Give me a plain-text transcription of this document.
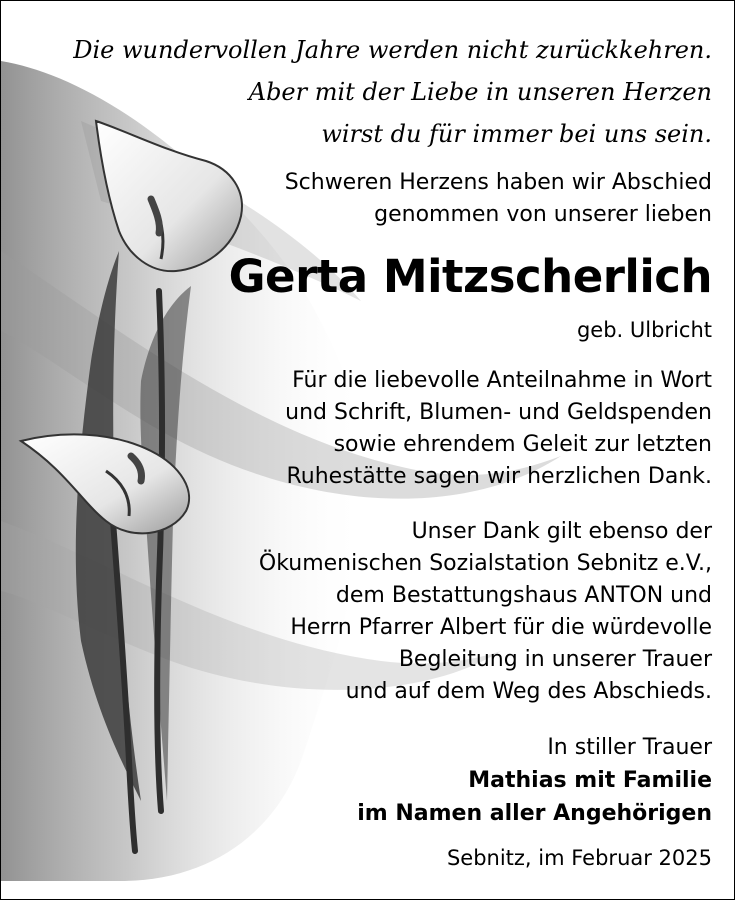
Die wundervollen Jahre werden nicht zurückkehren.
Aber mit der Liebe in unseren Herzen
wirst du für immer bei uns sein.
Schweren Herzens haben wir Abschied
genommen von unserer lieben
Gerta Mitzscherlich
geb. Ulbricht
Für die liebevolle Anteilnahme in Wort
und Schrift, Blumen- und Geldspenden
sowie ehrendem Geleit zur letzten
Ruhestätte sagen wir herzlichen Dank.
Unser Dank gilt ebenso der
Ökumenischen Sozialstation Sebnitz e.V.,
dem Bestattungshaus ANTON und
Herrn Pfarrer Albert für die würdevolle
Begleitung in unserer Trauer
und auf dem Weg des Abschieds.
In stiller Trauer
Mathias mit Familie
im Namen aller Angehörigen
Sebnitz, im Februar 2025
